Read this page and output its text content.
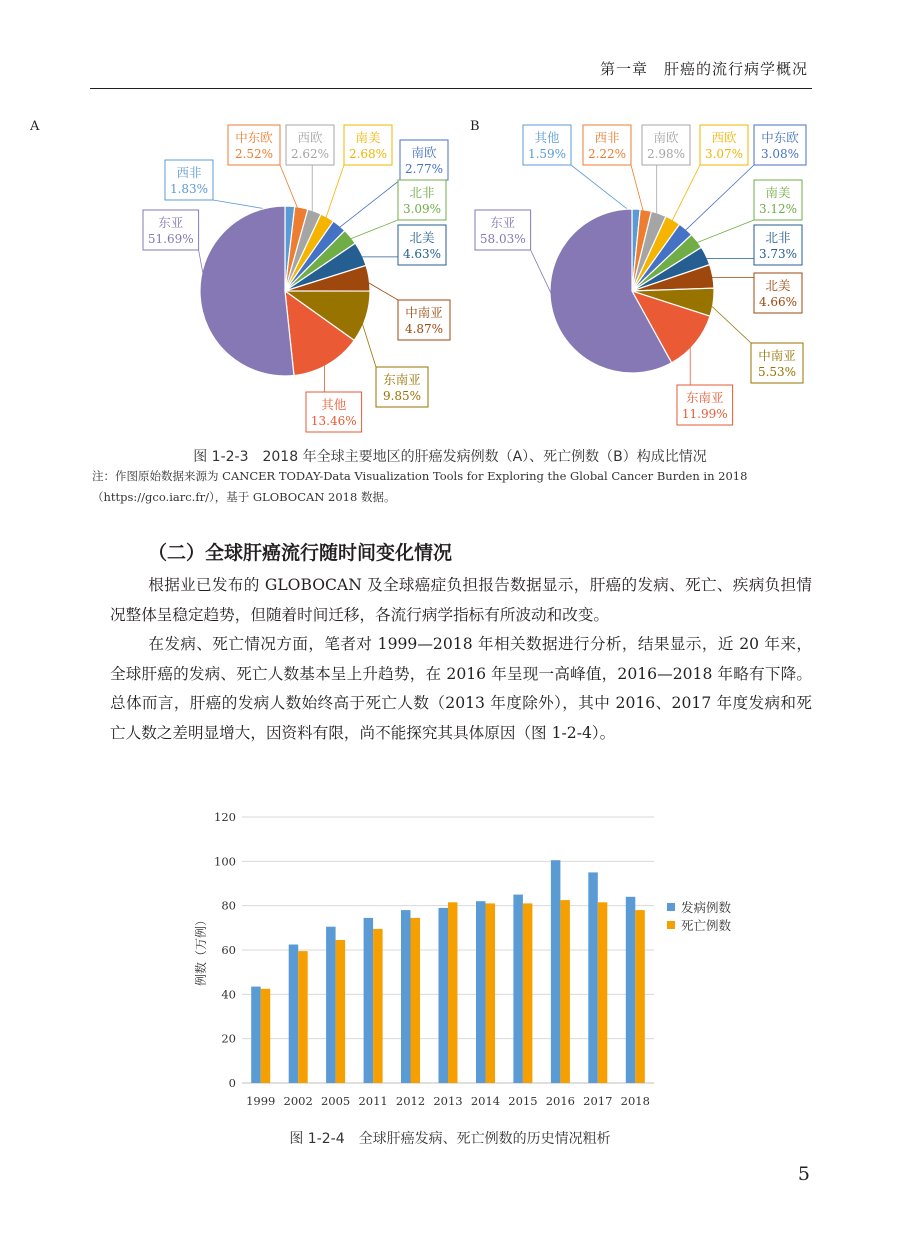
第一章　肝癌的流行病学概况
A
西非
1.83%
中东欧
2.52%
西欧
2.62%
南美
2.68% 南欧
2.77%
北非
3.09%
北美
4.63%
中南亚
4.87%
东南亚
9.85%
其他
13.46%
东亚
51.69%
B
其他
1.59%
西非
2.22%
南欧
2.98%
西欧
3.07%
中东欧
3.08%
南美
3.12%
北非
3.73%
北美
4.66%
中南亚
5.53%
东南亚
11.99%
东亚
58.03%
图 1-2-3　2018 年全球主要地区的肝癌发病例数（A）、死亡例数（B）构成比情况
注：作图原始数据来源为 CANCER TODAY-Data Visualization Tools for Exploring the Global Cancer Burden in 2018
（https://gco.iarc.fr/），基于 GLOBOCAN 2018 数据。
（二）全球肝癌流行随时间变化情况

根据业已发布的 GLOBOCAN 及全球癌症负担报告数据显示，肝癌的发病、死亡、疾病负担情况整体呈稳定趋势，但随着时间迁移，各流行病学指标有所波动和改变。

在发病、死亡情况方面，笔者对 1999—2018 年相关数据进行分析，结果显示，近 20 年来，全球肝癌的发病、死亡人数基本呈上升趋势，在 2016 年呈现一高峰值，2016—2018 年略有下降。总体而言，肝癌的发病人数始终高于死亡人数（2013 年度除外），其中 2016、2017 年度发病和死亡人数之差明显增大，因资料有限，尚不能探究其具体原因（图 1-2-4）。

0
20
40
60
80
100
120
1999 2002 2005 2011 2012 2013 2014 2015 2016 2017 2018
例数（万例）
发病例数
死亡例数
图 1-2-4　全球肝癌发病、死亡例数的历史情况粗析
5
